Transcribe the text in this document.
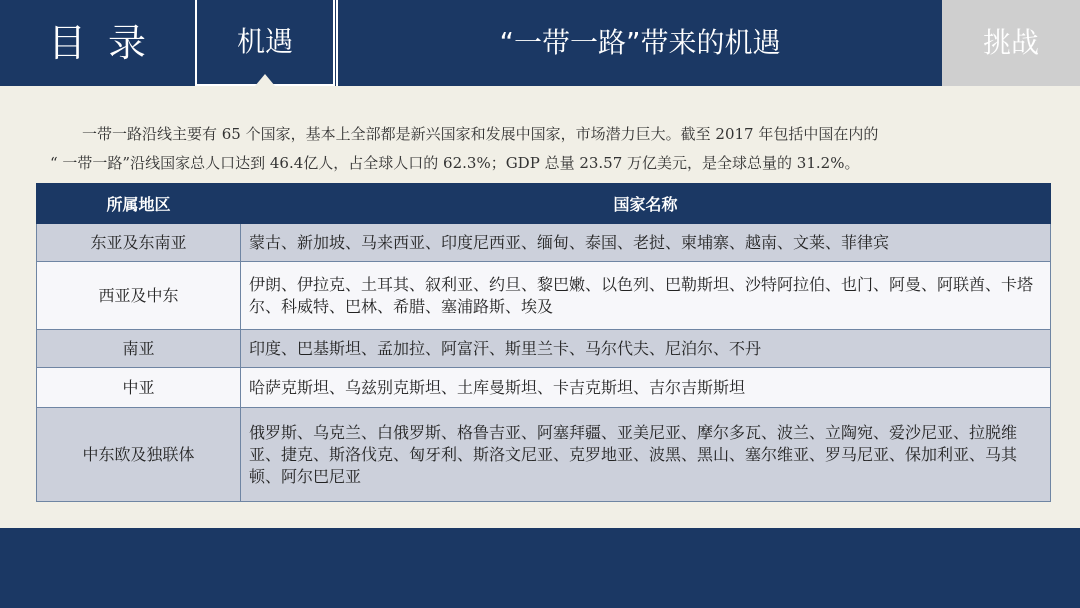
目录	机遇	“一带一路”带来的机遇	挑战

一带一路沿线主要有 65 个国家，基本上全部都是新兴国家和发展中国家，市场潜力巨大。截至 2017 年包括中国在内的

“ 一带一路”沿线国家总人口达到 46.4亿人，占全球人口的 62.3%；GDP 总量 23.57 万亿美元，是全球总量的 31.2%。

所属地区	国家名称
东亚及东南亚	蒙古、新加坡、马来西亚、印度尼西亚、缅甸、泰国、老挝、柬埔寨、越南、文莱、菲律宾
西亚及中东	伊朗、伊拉克、土耳其、叙利亚、约旦、黎巴嫩、以色列、巴勒斯坦、沙特阿拉伯、也门、阿曼、阿联酋、卡塔尔、科威特、巴林、希腊、塞浦路斯、埃及
南亚	印度、巴基斯坦、孟加拉、阿富汗、斯里兰卡、马尔代夫、尼泊尔、不丹
中亚	哈萨克斯坦、乌兹别克斯坦、土库曼斯坦、卡吉克斯坦、吉尔吉斯斯坦
中东欧及独联体	俄罗斯、乌克兰、白俄罗斯、格鲁吉亚、阿塞拜疆、亚美尼亚、摩尔多瓦、波兰、立陶宛、爱沙尼亚、拉脱维亚、捷克、斯洛伐克、匈牙利、斯洛文尼亚、克罗地亚、波黑、黑山、塞尔维亚、罗马尼亚、保加利亚、马其顿、阿尔巴尼亚
